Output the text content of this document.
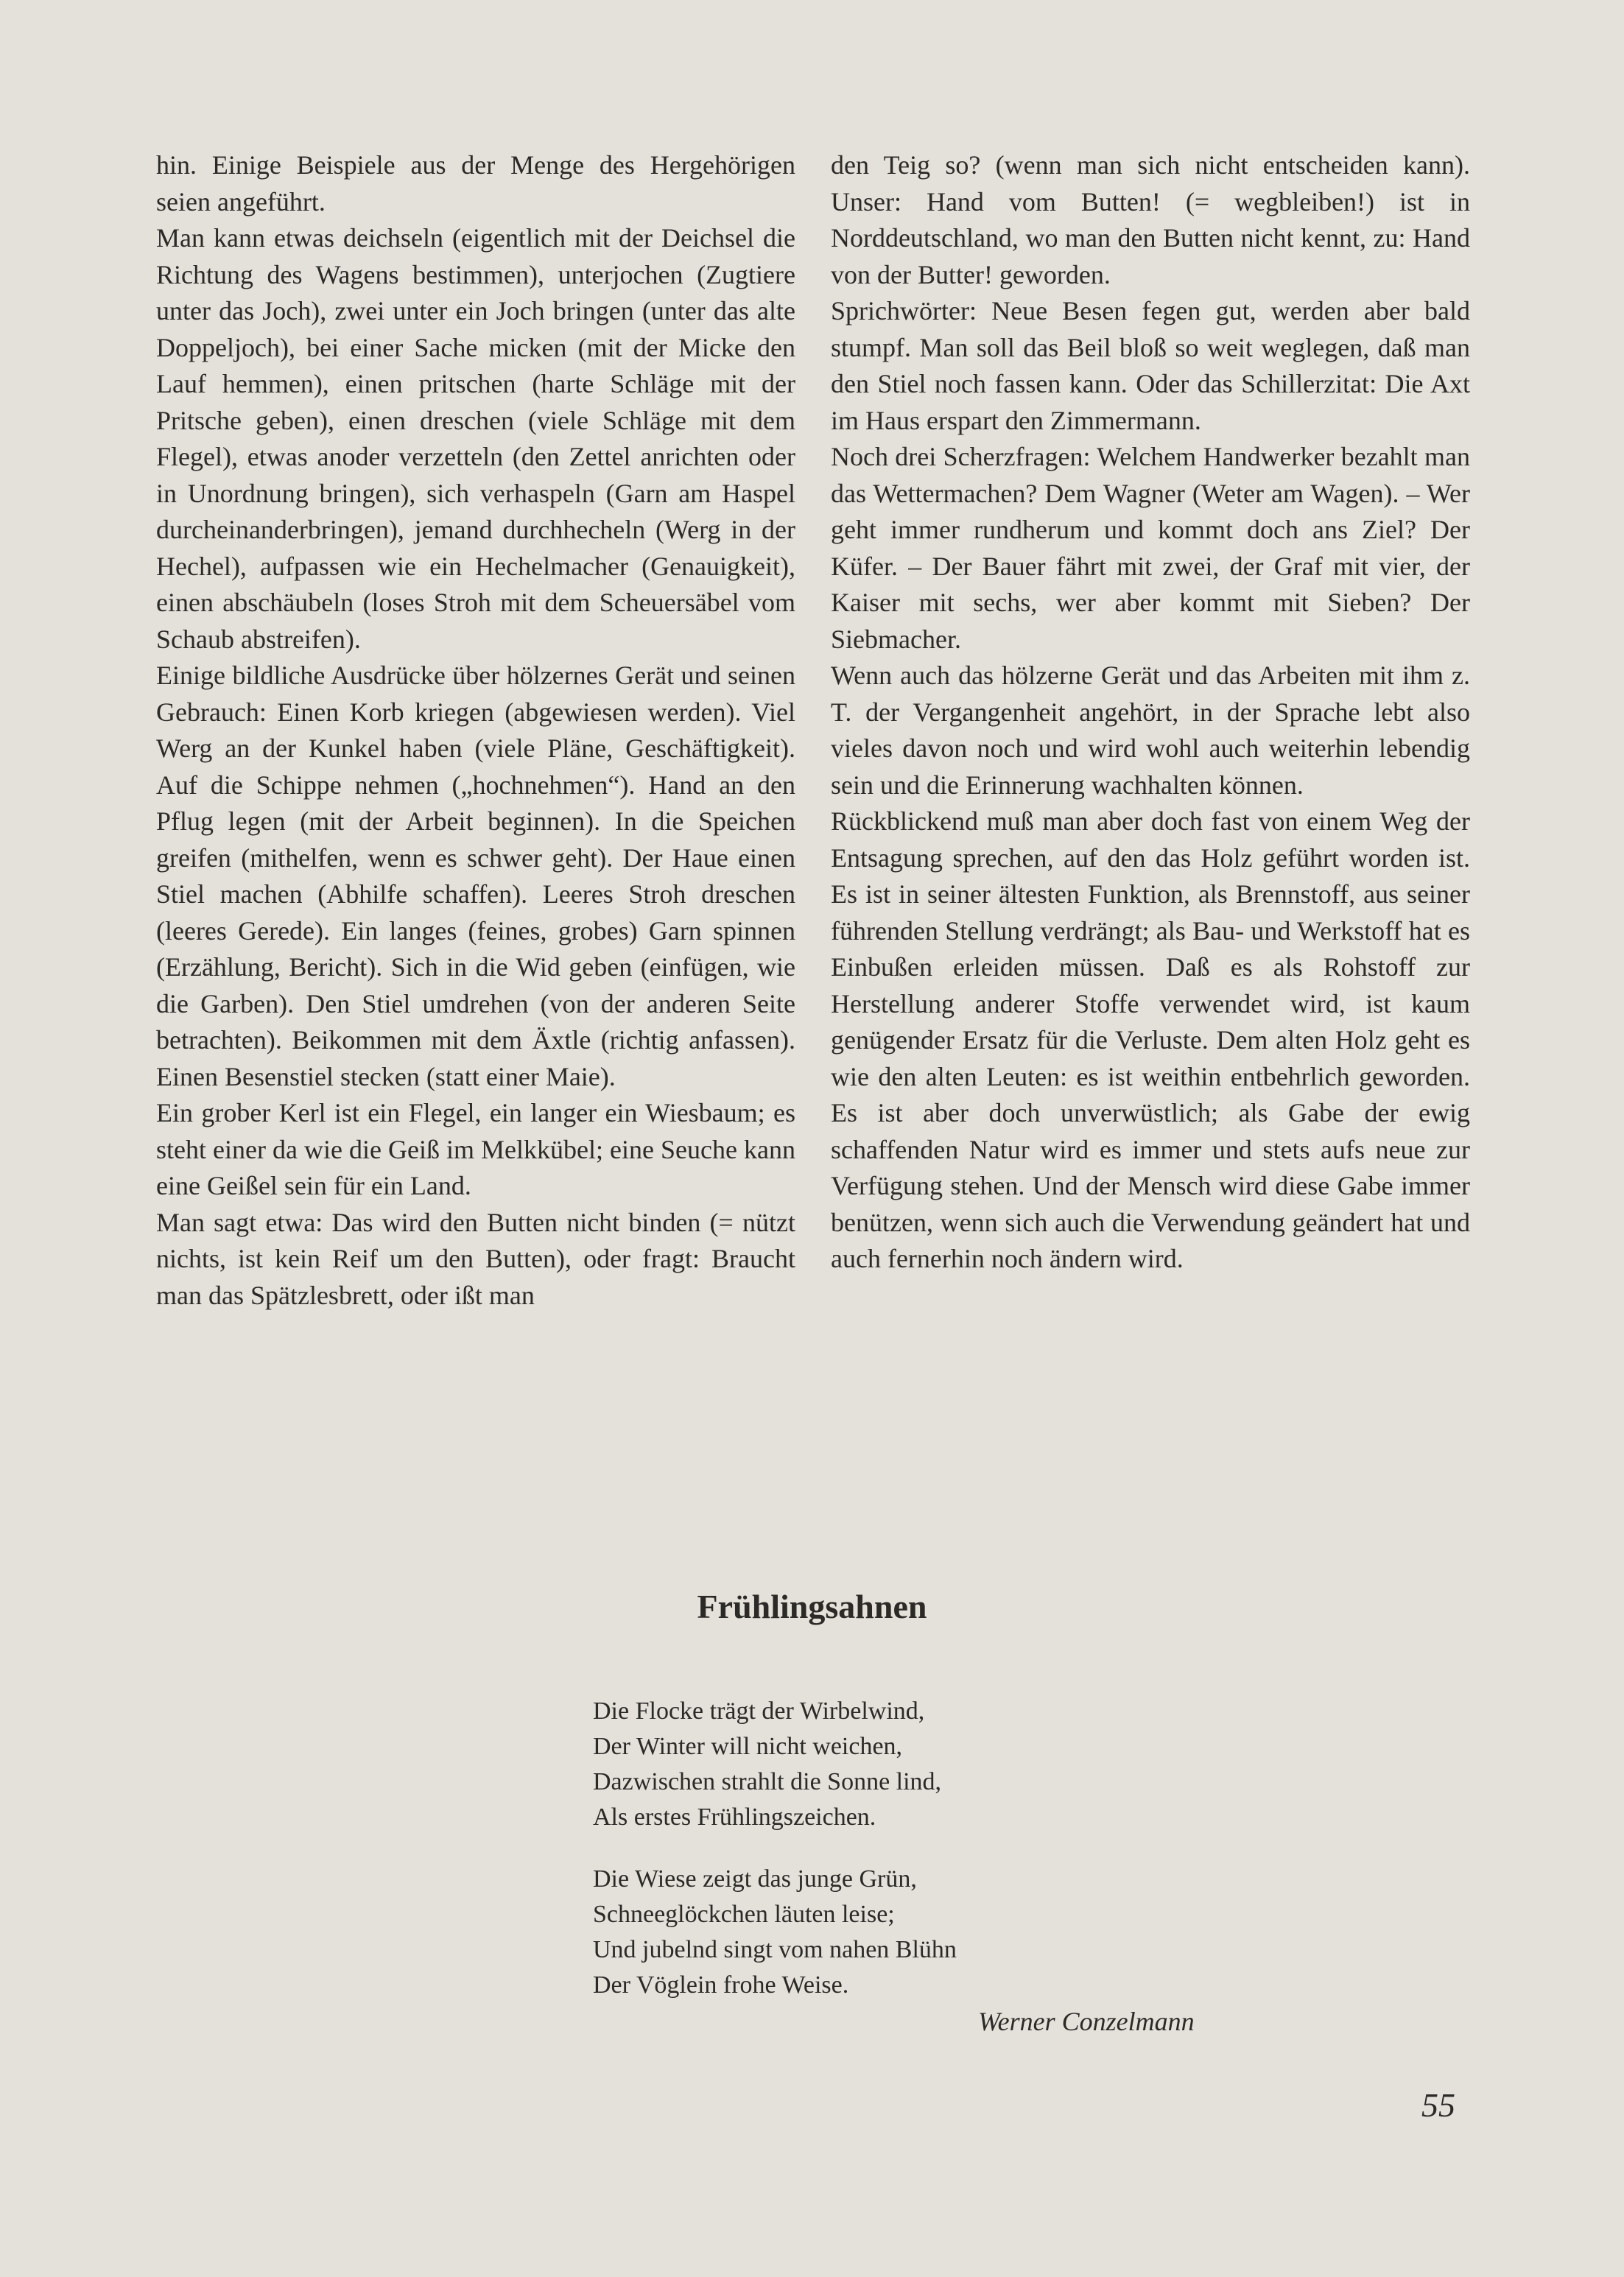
hin. Einige Beispiele aus der Menge des Hergehörigen seien angeführt.

Man kann etwas deichseln (eigentlich mit der Deichsel die Richtung des Wagens bestimmen), unterjochen (Zugtiere unter das Joch), zwei unter ein Joch bringen (unter das alte Doppeljoch), bei einer Sache micken (mit der Micke den Lauf hemmen), einen pritschen (harte Schläge mit der Pritsche geben), einen dreschen (viele Schläge mit dem Flegel), etwas anoder verzetteln (den Zettel anrichten oder in Unordnung bringen), sich verhaspeln (Garn am Haspel durcheinanderbringen), jemand durchhecheln (Werg in der Hechel), aufpassen wie ein Hechelmacher (Genauigkeit), einen abschäubeln (loses Stroh mit dem Scheuersäbel vom Schaub abstreifen).

Einige bildliche Ausdrücke über hölzernes Gerät und seinen Gebrauch: Einen Korb kriegen (abgewiesen werden). Viel Werg an der Kunkel haben (viele Pläne, Geschäftigkeit). Auf die Schippe nehmen („hochnehmen“). Hand an den Pflug legen (mit der Arbeit beginnen). In die Speichen greifen (mithelfen, wenn es schwer geht). Der Haue einen Stiel machen (Abhilfe schaffen). Leeres Stroh dreschen (leeres Gerede). Ein langes (feines, grobes) Garn spinnen (Erzählung, Bericht). Sich in die Wid geben (einfügen, wie die Garben). Den Stiel umdrehen (von der anderen Seite betrachten). Beikommen mit dem Äxtle (richtig anfassen). Einen Besenstiel stecken (statt einer Maie).

Ein grober Kerl ist ein Flegel, ein langer ein Wiesbaum; es steht einer da wie die Geiß im Melkkübel; eine Seuche kann eine Geißel sein für ein Land.

Man sagt etwa: Das wird den Butten nicht binden (= nützt nichts, ist kein Reif um den Butten), oder fragt: Braucht man das Spätzlesbrett, oder ißt man

den Teig so? (wenn man sich nicht entscheiden kann). Unser: Hand vom Butten! (= wegbleiben!) ist in Norddeutschland, wo man den Butten nicht kennt, zu: Hand von der Butter! geworden.

Sprichwörter: Neue Besen fegen gut, werden aber bald stumpf. Man soll das Beil bloß so weit weglegen, daß man den Stiel noch fassen kann. Oder das Schillerzitat: Die Axt im Haus erspart den Zimmermann.

Noch drei Scherzfragen: Welchem Handwerker bezahlt man das Wettermachen? Dem Wagner (Weter am Wagen). – Wer geht immer rundherum und kommt doch ans Ziel? Der Küfer. – Der Bauer fährt mit zwei, der Graf mit vier, der Kaiser mit sechs, wer aber kommt mit Sieben? Der Siebmacher.

Wenn auch das hölzerne Gerät und das Arbeiten mit ihm z. T. der Vergangenheit angehört, in der Sprache lebt also vieles davon noch und wird wohl auch weiterhin lebendig sein und die Erinnerung wachhalten können.

Rückblickend muß man aber doch fast von einem Weg der Entsagung sprechen, auf den das Holz geführt worden ist. Es ist in seiner ältesten Funktion, als Brennstoff, aus seiner führenden Stellung verdrängt; als Bau- und Werkstoff hat es Einbußen erleiden müssen. Daß es als Rohstoff zur Herstellung anderer Stoffe verwendet wird, ist kaum genügender Ersatz für die Verluste. Dem alten Holz geht es wie den alten Leuten: es ist weithin entbehrlich geworden. Es ist aber doch unverwüstlich; als Gabe der ewig schaffenden Natur wird es immer und stets aufs neue zur Verfügung stehen. Und der Mensch wird diese Gabe immer benützen, wenn sich auch die Verwendung geändert hat und auch fernerhin noch ändern wird.

Frühlingsahnen
Die Flocke trägt der Wirbelwind,
Der Winter will nicht weichen,
Dazwischen strahlt die Sonne lind,
Als erstes Frühlingszeichen.
Die Wiese zeigt das junge Grün,
Schneeglöckchen läuten leise;
Und jubelnd singt vom nahen Blühn
Der Vöglein frohe Weise.
Werner Conzelmann
55
